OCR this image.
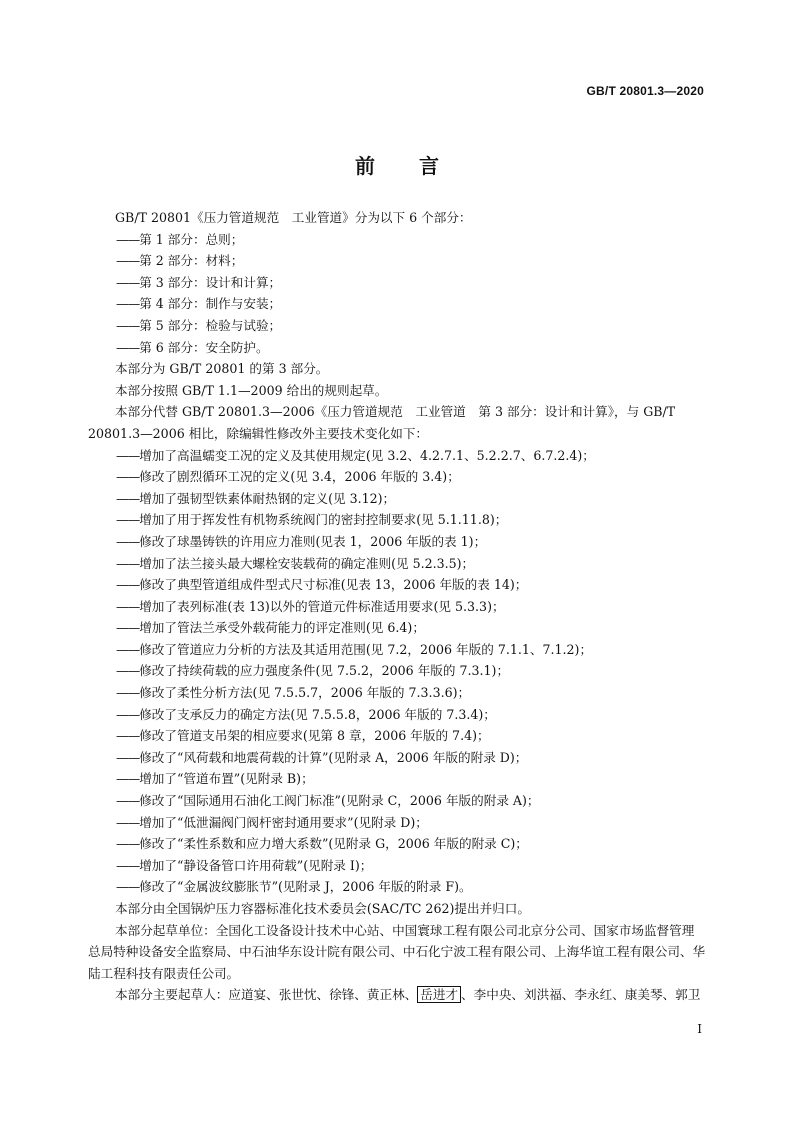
GB/T 20801.3—2020
前 言

GB/T 20801《压力管道规范　工业管道》分为以下 6 个部分：

——第 1 部分：总则；

——第 2 部分：材料；

——第 3 部分：设计和计算；

——第 4 部分：制作与安装；

——第 5 部分：检验与试验；

——第 6 部分：安全防护。

本部分为 GB/T 20801 的第 3 部分。

本部分按照 GB/T 1.1—2009 给出的规则起草。

本部分代替 GB/T 20801.3—2006《压力管道规范　工业管道　第 3 部分：设计和计算》，与 GB/T 20801.3—2006 相比，除编辑性修改外主要技术变化如下：

——增加了高温蠕变工况的定义及其使用规定(见 3.2、4.2.7.1、5.2.2.7、6.7.2.4)；

——修改了剧烈循环工况的定义(见 3.4，2006 年版的 3.4)；

——增加了强韧型铁素体耐热钢的定义(见 3.12)；

——增加了用于挥发性有机物系统阀门的密封控制要求(见 5.1.11.8)；

——修改了球墨铸铁的许用应力准则(见表 1，2006 年版的表 1)；

——增加了法兰接头最大螺栓安装载荷的确定准则(见 5.2.3.5)；

——修改了典型管道组成件型式尺寸标准(见表 13，2006 年版的表 14)；

——增加了表列标准(表 13)以外的管道元件标准适用要求(见 5.3.3)；

——增加了管法兰承受外载荷能力的评定准则(见 6.4)；

——修改了管道应力分析的方法及其适用范围(见 7.2，2006 年版的 7.1.1、7.1.2)；

——修改了持续荷载的应力强度条件(见 7.5.2，2006 年版的 7.3.1)；

——修改了柔性分析方法(见 7.5.5.7，2006 年版的 7.3.3.6)；

——修改了支承反力的确定方法(见 7.5.5.8，2006 年版的 7.3.4)；

——修改了管道支吊架的相应要求(见第 8 章，2006 年版的 7.4)；

——修改了“风荷载和地震荷载的计算”(见附录 A，2006 年版的附录 D)；

——增加了“管道布置”(见附录 B)；

——修改了“国际通用石油化工阀门标准”(见附录 C，2006 年版的附录 A)；

——增加了“低泄漏阀门阀杆密封通用要求”(见附录 D)；

——修改了“柔性系数和应力增大系数”(见附录 G，2006 年版的附录 C)；

——增加了“静设备管口许用荷载”(见附录 I)；

——修改了“金属波纹膨胀节”(见附录 J，2006 年版的附录 F)。

本部分由全国锅炉压力容器标准化技术委员会(SAC/TC 262)提出并归口。

本部分起草单位：全国化工设备设计技术中心站、中国寰球工程有限公司北京分公司、国家市场监督管理总局特种设备安全监察局、中石油华东设计院有限公司、中石化宁波工程有限公司、上海华谊工程有限公司、华陆工程科技有限责任公司。

本部分主要起草人：应道宴、张世忱、徐锋、黄正林、 岳进才 、李中央、刘洪福、李永红、康美琴、郭卫

I
